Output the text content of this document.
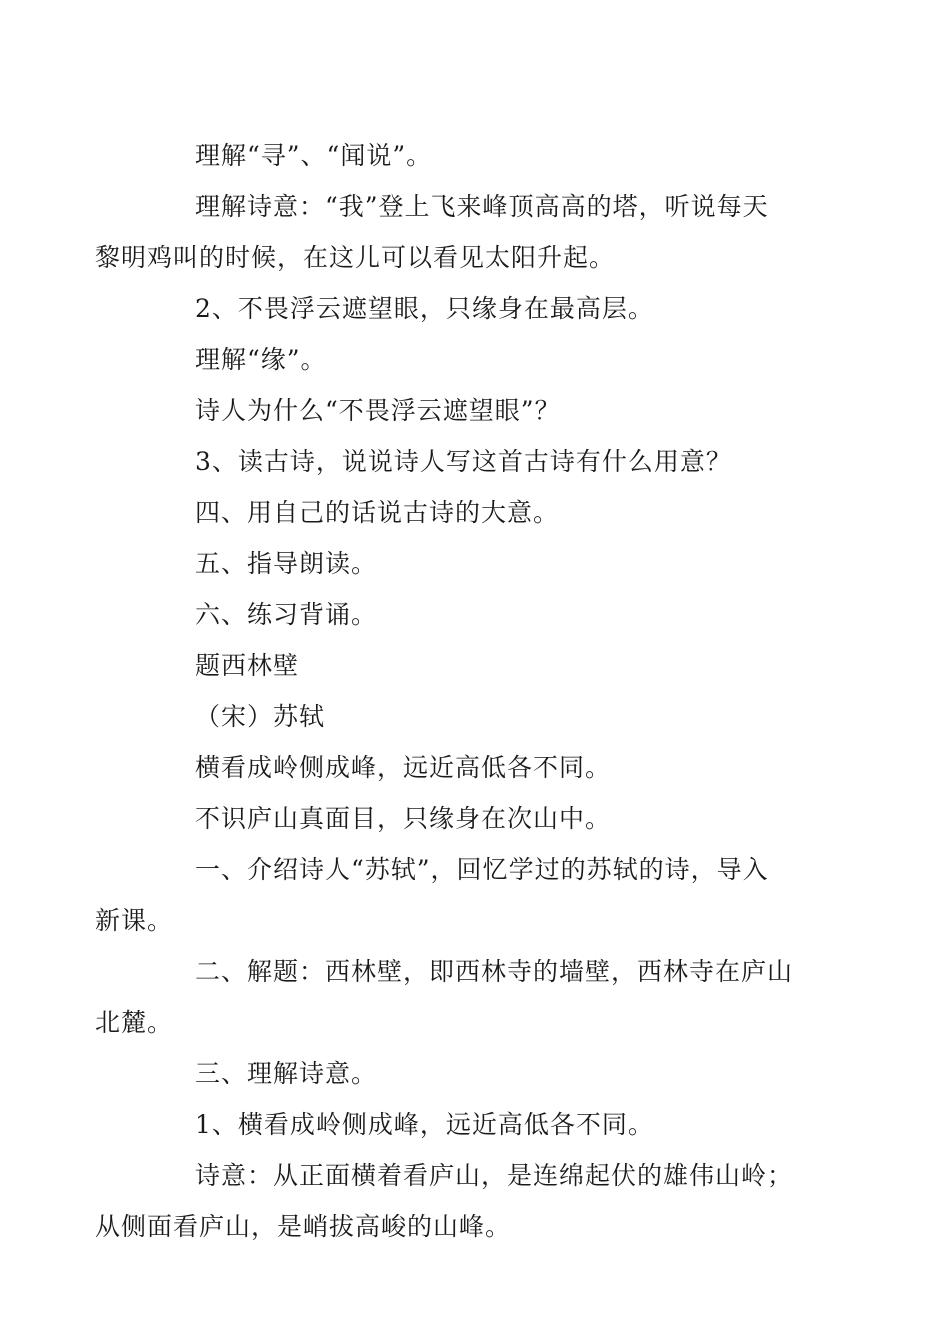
理解“寻”、“闻说”。

理解诗意：“我”登上飞来峰顶高高的塔，听说每天
黎明鸡叫的时候，在这儿可以看见太阳升起。

2、不畏浮云遮望眼，只缘身在最高层。

理解“缘”。

诗人为什么“不畏浮云遮望眼”？

3、读古诗，说说诗人写这首古诗有什么用意？

四、用自己的话说古诗的大意。

五、指导朗读。

六、练习背诵。

题西林壁

（宋）苏轼

横看成岭侧成峰，远近高低各不同。

不识庐山真面目，只缘身在次山中。

一、介绍诗人“苏轼”，回忆学过的苏轼的诗，导入
新课。

二、解题：西林壁，即西林寺的墙壁，西林寺在庐山
北麓。

三、理解诗意。

1、横看成岭侧成峰，远近高低各不同。

诗意：从正面横着看庐山，是连绵起伏的雄伟山岭；
从侧面看庐山，是峭拔高峻的山峰。
